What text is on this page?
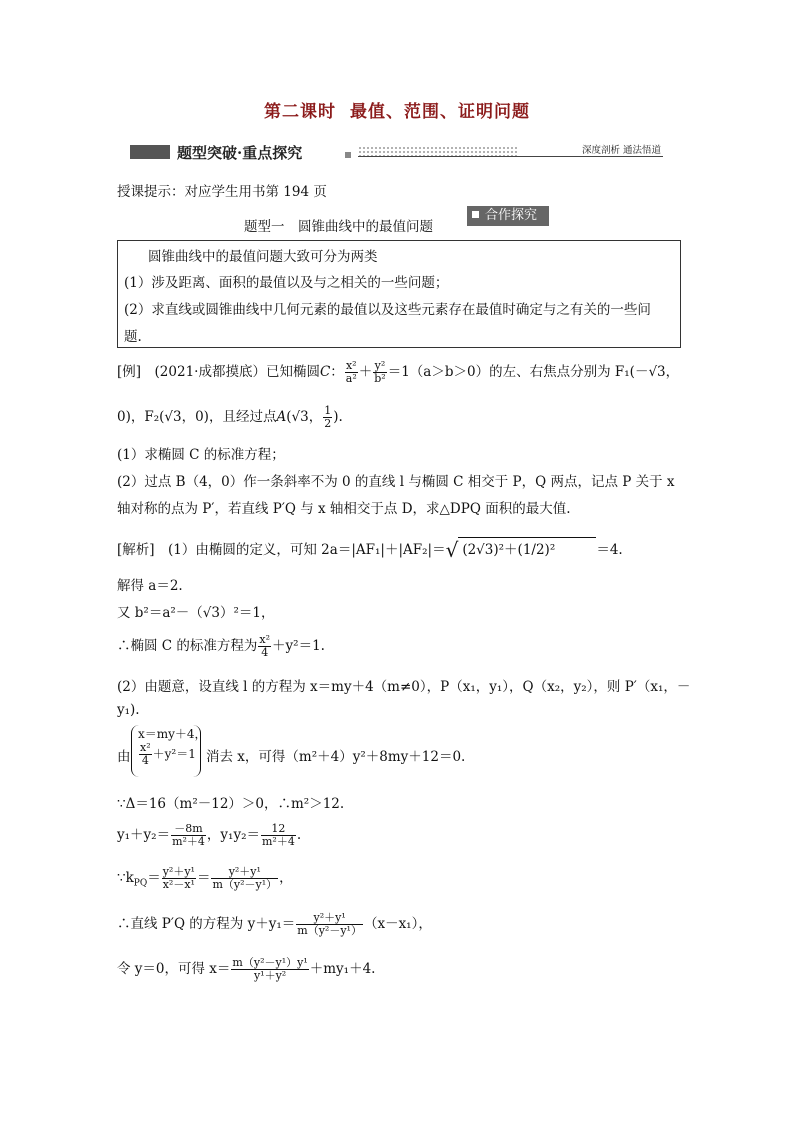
第二课时 最值、范围、证明问题
题型突破·重点探究	深度剖析 通法悟道
授课提示：对应学生用书第 194 页
题型一　圆锥曲线中的最值问题
合作探究
圆锥曲线中的最值问题大致可分为两类
(1）涉及距离、面积的最值以及与之相关的一些问题；
(2）求直线或圆锥曲线中几何元素的最值以及这些元素存在最值时确定与之有关的一些问
题.
[例]　(2021·成都摸底）已知椭圆C： $\frac{\text{x²}}{\text{a²}} + \frac{\text{y²}}{\text{b²}} =1(a>b>0)$的左、右焦点分别为 F₁(－√3，
0)，F₂(√3，0)，且经过点A(√3， $\frac{1}{2}$ ).
(1）求椭圆 C 的标准方程；
(2）过点 B（4，0）作一条斜率不为 0 的直线 l 与椭圆 C 相交于 P，Q 两点，记点 P 关于 x
轴对称的点为 P′，若直线 P′Q 与 x 轴相交于点 D，求△DPQ 面积的最大值.
[解析]　(1）由椭圆的定义，可知 2a＝|AF₁|＋|AF₂|＝√ (2√3)²＋(1/2)²	＝4.
解得 a＝2.
又 b²＝a²－（√3）²＝1，
∴椭圆 C 的标准方程为 $\frac{\text{x²}}{4} +y^2=1$.
(2）由题意，设直线 l 的方程为 x＝my＋4（m≠0），P（x₁，y₁），Q（x₂，y₂），则 P′（x₁，－
y₁).
由
x＝my＋4，
$\frac{\text{x²}}{4} +y^2=1$ 消去 x，可得（m²＋4）y²＋8my＋12＝0.
∵Δ＝16（m²－12）＞0，∴m²＞12.
$y_1+y_2= \frac{-8m}{\text{m²＋4}}$ ，$y_1y_2= \frac{12}{\text{m²＋4}}$ .
$\because k_{PQ}= \frac{\text{y²＋y¹}}{\text{x²－x¹}} = \frac{\text{y²＋y¹}}{\text{m（y²－y¹）}}$ ，
∴直线 P′Q 的方程为 $y+y_1= \frac{\text{y²＋y¹}}{\text{m（y²－y¹）}} (x-x_1)$，
令 y＝0，可得 $x= \frac{\text{m（y²－y¹）y¹}}{\text{y¹＋y²}} +my_1+4$.
